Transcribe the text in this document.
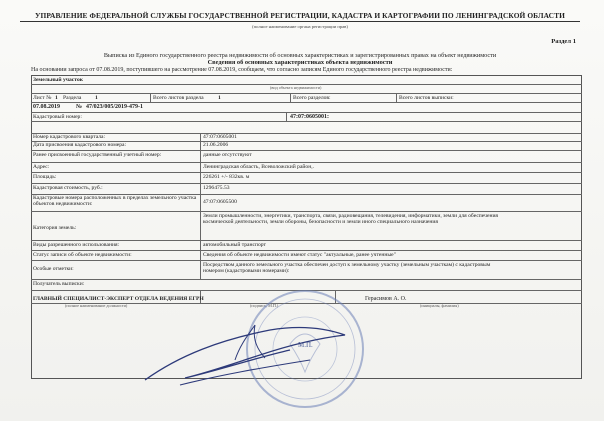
УПРАВЛЕНИЕ ФЕДЕРАЛЬНОЙ СЛУЖБЫ ГОСУДАРСТВЕННОЙ РЕГИСТРАЦИИ, КАДАСТРА И КАРТОГРАФИИ ПО ЛЕНИНГРАДСКОЙ ОБЛАСТИ
(полное наименование органа регистрации прав)
Раздел 1
Выписка из Единого государственного реестра недвижимости об основных характеристиках и зарегистрированных правах на объект недвижимости
Сведения об основных характеристиках объекта недвижимости
На основании запроса от 07.08.2019, поступившего на рассмотрение 07.08.2019, сообщаем, что согласно записям Единого государственного реестра недвижимости:
Земельный участок
(вид объекта недвижимости)
Лист № 1 Раздела 1	Всего листов раздела	1	Всего разделов:	Всего листов выписки:
07.08.2019	№ 47/023/005/2019-479-1
Кадастровый номер:	47:07:0605001:
Номер кадастрового квартала:	47:07:0605001
Дата присвоения кадастрового номера:	21.06.2006
Ранее присвоенный государственный учетный номер:	данные отсутствуют
Адрес:	Ленинградская область, Всеволожский район,.
Площадь:	226261 +/- 832кв. м
Кадастровая стоимость, руб.:	1296475.53
Кадастровые номера расположенных в пределах земельного участка объектов недвижимости:	47:07:0605500
Категория земель:
Земли промышленности, энергетики, транспорта, связи, радиовещания, телевидения, информатики, земли для обеспечения космической деятельности, земли обороны, безопасности и земли иного специального назначения
Виды разрешенного использования:	автомобильный транспорт
Статус записи об объекте недвижимости:	Сведения об объекте недвижимости имеют статус "актуальные, ранее учтенные"
Особые отметки:
Посредством данного земельного участка обеспечен доступ к земельному участку (земельным участкам) с кадастровым номером (кадастровыми номерами):
Получатель выписки:
ГЛАВНЫЙ СПЕЦИАЛИСТ-ЭКСПЕРТ ОТДЕЛА ВЕДЕНИЯ ЕГРН
(полное наименование должности)	(подпись, М.П.)
Герасимов А. О.
(инициалы, фамилия)
М.П.
